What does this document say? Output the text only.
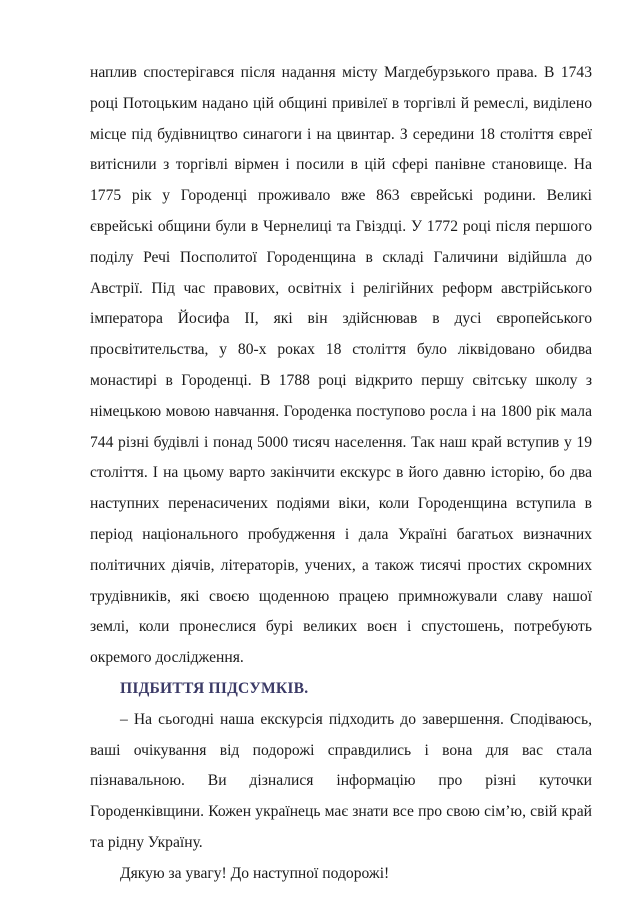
наплив спостерігався після надання місту Магдебурзького права. В 1743 році Потоцьким надано цій общині привілеї в торгівлі й ремеслі, виділено місце під будівництво синагоги і на цвинтар. З середини 18 століття євреї витіснили з торгівлі вірмен і посили в цій сфері панівне становище. На 1775 рік у Городенці проживало вже 863 єврейські родини. Великі єврейські общини були в Чернелиці та Гвіздці. У 1772 році після першого поділу Речі Посполитої Городенщина в складі Галичини відійшла до Австрії. Під час правових, освітніх і релігійних реформ австрійського імператора Йосифа ІІ, які він здійснював в дусі європейського просвітительства, у 80-х роках 18 століття було ліквідовано обидва монастирі в Городенці. В 1788 році відкрито першу світську школу з німецькою мовою навчання. Городенка поступово росла і на 1800 рік мала 744 різні будівлі і понад 5000 тисяч населення. Так наш край вступив у 19 століття. І на цьому варто закінчити екскурс в його давню історію, бо два наступних перенасичених подіями віки, коли Городенщина вступила в період національного пробудження і дала Україні багатьох визначних політичних діячів, літераторів, учених, а також тисячі простих скромних трудівників, які своєю щоденною працею примножували славу нашої землі, коли пронеслися бурі великих воєн і спустошень, потребують окремого дослідження.

ПІДБИТТЯ ПІДСУМКІВ.

– На сьогодні наша екскурсія підходить до завершення. Сподіваюсь, ваші очікування від подорожі справдились і вона для вас стала пізнавальною. Ви дізналися інформацію про різні куточки Городенківщини. Кожен українець має знати все про свою сім’ю, свій край та рідну Україну.

Дякую за увагу! До наступної подорожі!
